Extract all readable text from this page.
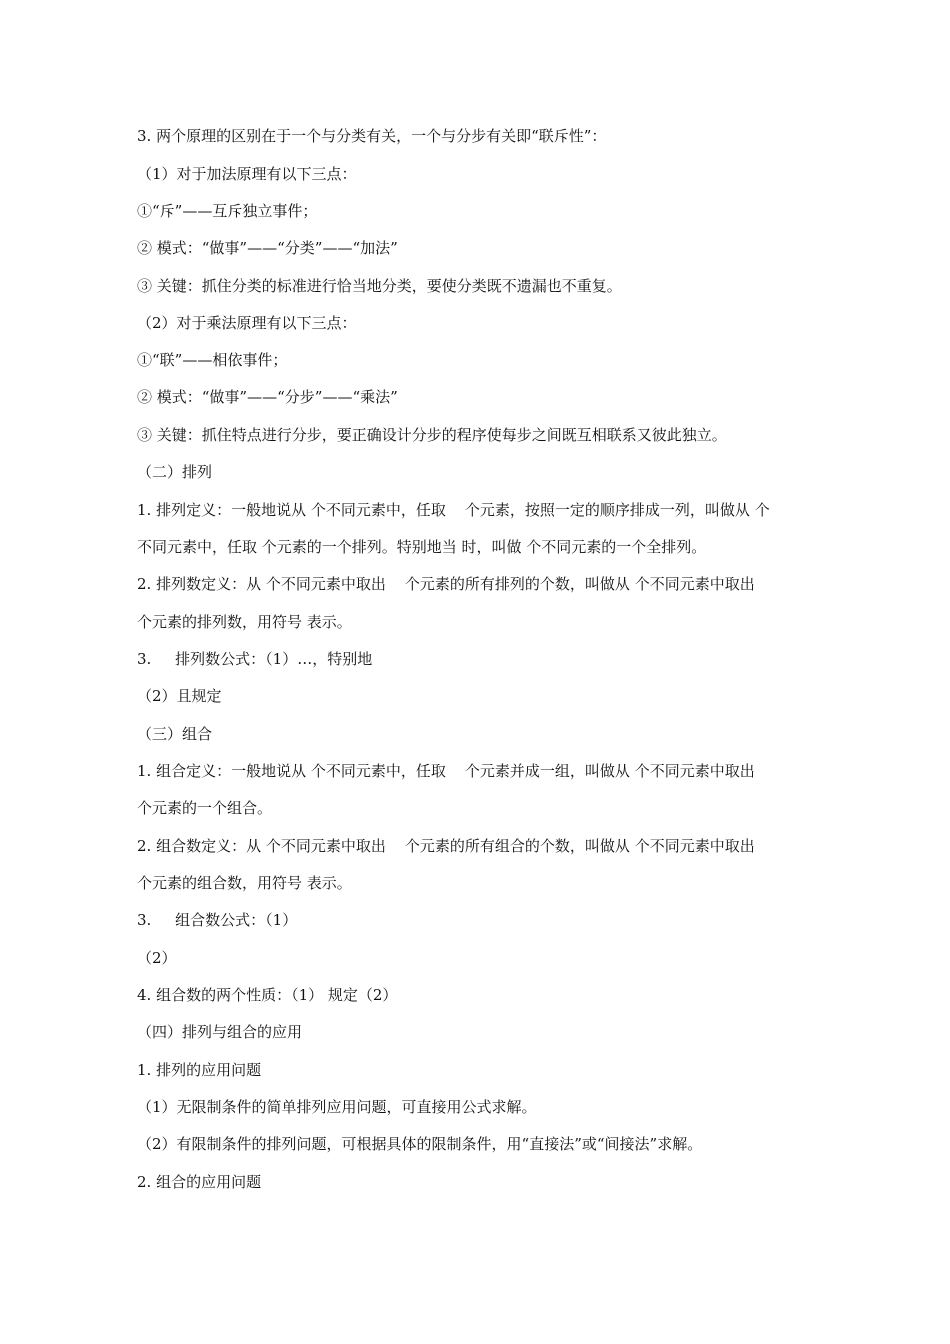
3. 两个原理的区别在于一个与分类有关，一个与分步有关即“联斥性”：
（1）对于加法原理有以下三点：
①“斥”——互斥独立事件；
② 模式：“做事”——“分类”——“加法”
③ 关键：抓住分类的标准进行恰当地分类，要使分类既不遗漏也不重复。
（2）对于乘法原理有以下三点：
①“联”——相依事件；
② 模式：“做事”——“分步”——“乘法”
③ 关键：抓住特点进行分步，要正确设计分步的程序使每步之间既互相联系又彼此独立。
（二）排列
1. 排列定义：一般地说从 个不同元素中，任取    个元素，按照一定的顺序排成一列，叫做从 个
不同元素中，任取 个元素的一个排列。特别地当 时，叫做 个不同元素的一个全排列。
2. 排列数定义：从 个不同元素中取出    个元素的所有排列的个数，叫做从 个不同元素中取出
个元素的排列数，用符号 表示。
3.     排列数公式：（1）…，特别地
（2）且规定
（三）组合
1. 组合定义：一般地说从 个不同元素中，任取    个元素并成一组，叫做从 个不同元素中取出
个元素的一个组合。
2. 组合数定义：从 个不同元素中取出    个元素的所有组合的个数，叫做从 个不同元素中取出
个元素的组合数，用符号 表示。
3.     组合数公式：（1）
（2）
4. 组合数的两个性质：（1） 规定（2）
（四）排列与组合的应用
1. 排列的应用问题
（1）无限制条件的简单排列应用问题，可直接用公式求解。
（2）有限制条件的排列问题，可根据具体的限制条件，用“直接法”或“间接法”求解。
2. 组合的应用问题
